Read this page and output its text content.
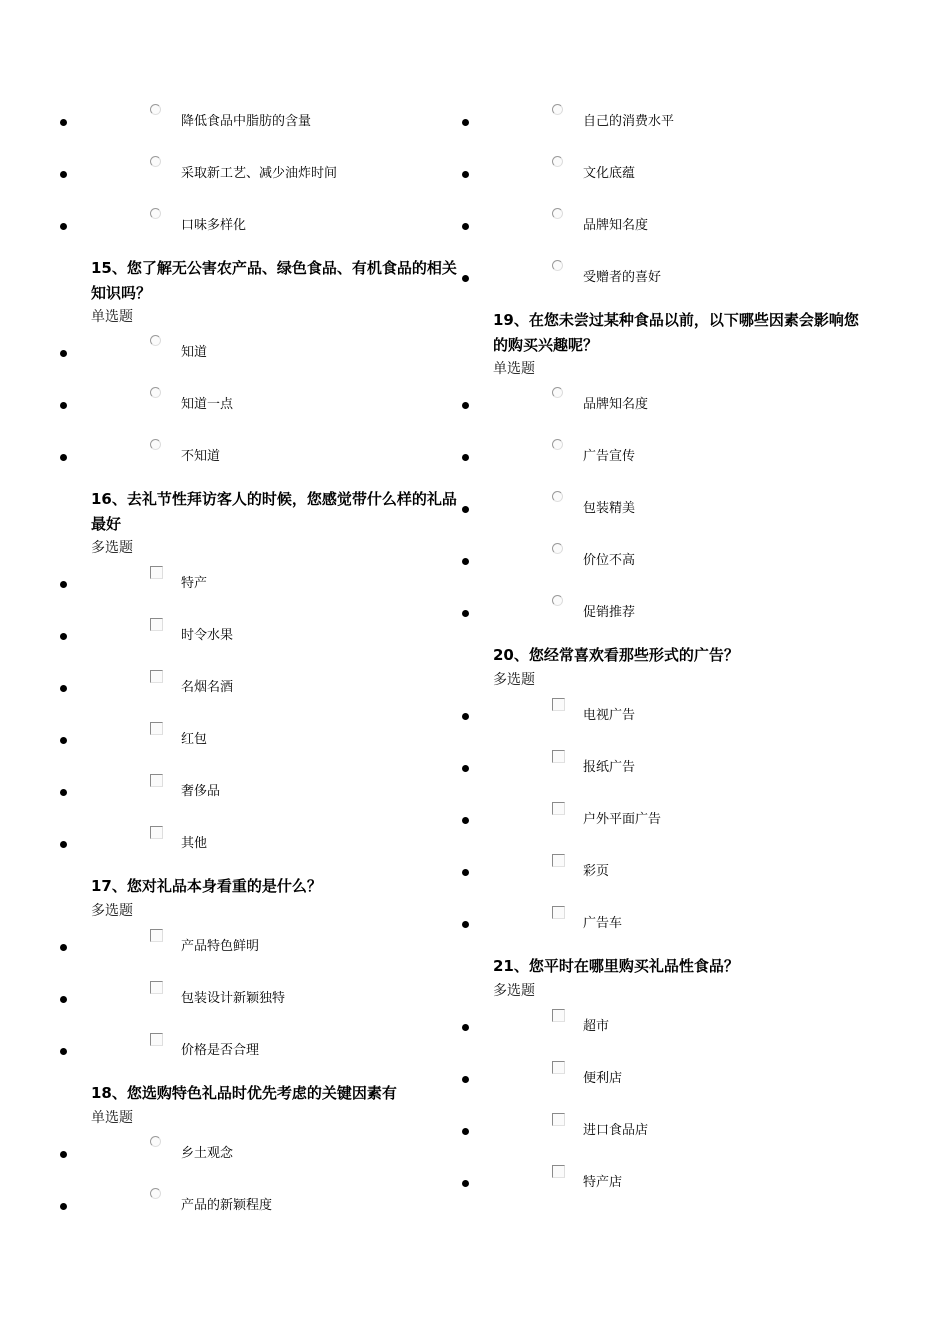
降低食品中脂肪的含量
采取新工艺、减少油炸时间
口味多样化
15、您了解无公害农产品、绿色食品、有机食品的相关知识吗？
单选题
知道
知道一点
不知道
16、去礼节性拜访客人的时候，您感觉带什么样的礼品最好
多选题
特产
时令水果
名烟名酒
红包
奢侈品
其他
17、您对礼品本身看重的是什么？
多选题
产品特色鲜明
包装设计新颖独特
价格是否合理
18、您选购特色礼品时优先考虑的关键因素有
单选题
乡土观念
产品的新颖程度
自己的消费水平
文化底蕴
品牌知名度
受赠者的喜好
19、在您未尝过某种食品以前，以下哪些因素会影响您的购买兴趣呢？
单选题
品牌知名度
广告宣传
包装精美
价位不高
促销推荐
20、您经常喜欢看那些形式的广告？
多选题
电视广告
报纸广告
户外平面广告
彩页
广告车
21、您平时在哪里购买礼品性食品？
多选题
超市
便利店
进口食品店
特产店
